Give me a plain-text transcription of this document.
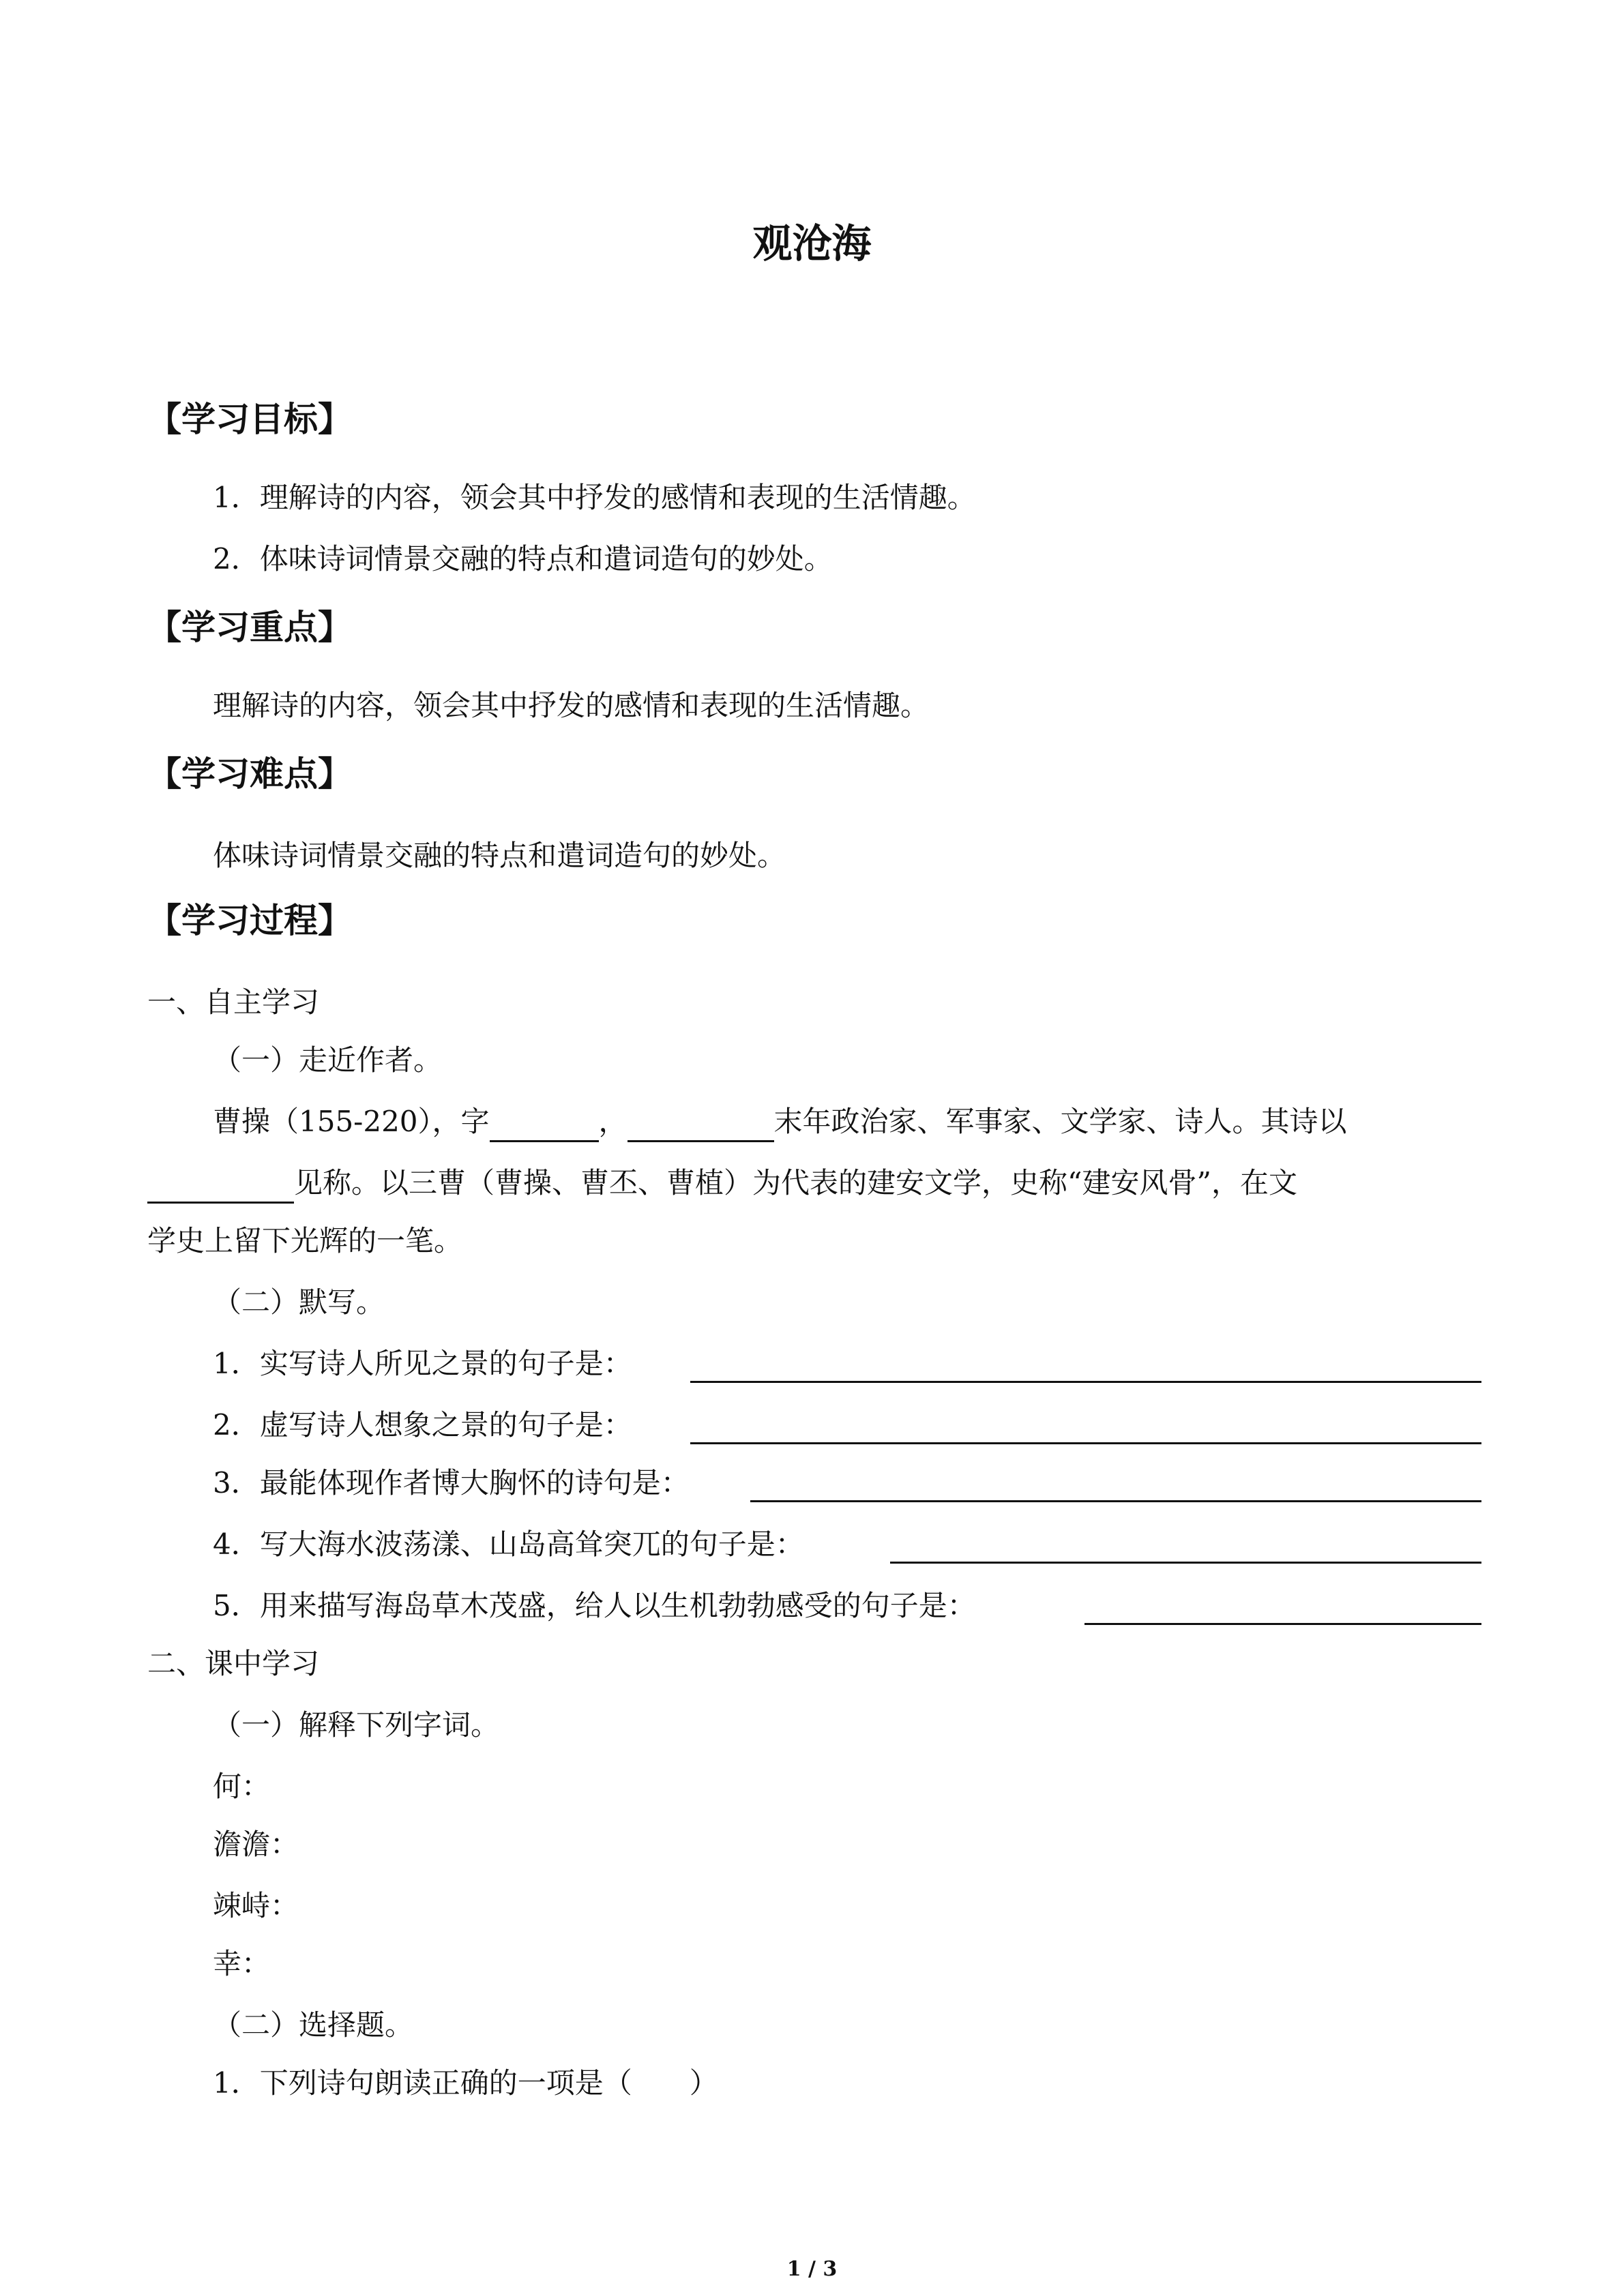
观沧海
【学习目标】
1．理解诗的内容，领会其中抒发的感情和表现的生活情趣。
2．体味诗词情景交融的特点和遣词造句的妙处。
【学习重点】
理解诗的内容，领会其中抒发的感情和表现的生活情趣。
【学习难点】
体味诗词情景交融的特点和遣词造句的妙处。
【学习过程】
一、自主学习
（一）走近作者。
曹操（155-220），字	，	末年政治家、军事家、文学家、诗人。其诗以
见称。以三曹（曹操、曹丕、曹植）为代表的建安文学，史称“建安风骨”，在文
学史上留下光辉的一笔。
（二）默写。
1．实写诗人所见之景的句子是：
2．虚写诗人想象之景的句子是：
3．最能体现作者博大胸怀的诗句是：
4．写大海水波荡漾、山岛高耸突兀的句子是：
5．用来描写海岛草木茂盛，给人以生机勃勃感受的句子是：
二、课中学习
（一）解释下列字词。
何：
澹澹：
竦峙：
幸：
（二）选择题。
1．下列诗句朗读正确的一项是（　　）
1 / 3
